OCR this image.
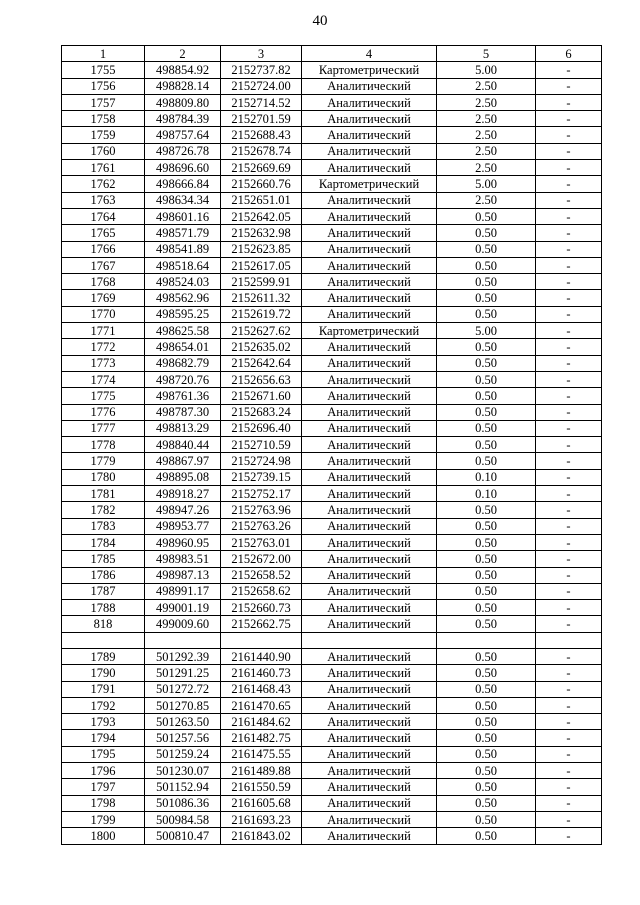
40
1	2	3	4	5	6
1755	498854.92	2152737.82	Картометрический	5.00	-
1756	498828.14	2152724.00	Аналитический	2.50	-
1757	498809.80	2152714.52	Аналитический	2.50	-
1758	498784.39	2152701.59	Аналитический	2.50	-
1759	498757.64	2152688.43	Аналитический	2.50	-
1760	498726.78	2152678.74	Аналитический	2.50	-
1761	498696.60	2152669.69	Аналитический	2.50	-
1762	498666.84	2152660.76	Картометрический	5.00	-
1763	498634.34	2152651.01	Аналитический	2.50	-
1764	498601.16	2152642.05	Аналитический	0.50	-
1765	498571.79	2152632.98	Аналитический	0.50	-
1766	498541.89	2152623.85	Аналитический	0.50	-
1767	498518.64	2152617.05	Аналитический	0.50	-
1768	498524.03	2152599.91	Аналитический	0.50	-
1769	498562.96	2152611.32	Аналитический	0.50	-
1770	498595.25	2152619.72	Аналитический	0.50	-
1771	498625.58	2152627.62	Картометрический	5.00	-
1772	498654.01	2152635.02	Аналитический	0.50	-
1773	498682.79	2152642.64	Аналитический	0.50	-
1774	498720.76	2152656.63	Аналитический	0.50	-
1775	498761.36	2152671.60	Аналитический	0.50	-
1776	498787.30	2152683.24	Аналитический	0.50	-
1777	498813.29	2152696.40	Аналитический	0.50	-
1778	498840.44	2152710.59	Аналитический	0.50	-
1779	498867.97	2152724.98	Аналитический	0.50	-
1780	498895.08	2152739.15	Аналитический	0.10	-
1781	498918.27	2152752.17	Аналитический	0.10	-
1782	498947.26	2152763.96	Аналитический	0.50	-
1783	498953.77	2152763.26	Аналитический	0.50	-
1784	498960.95	2152763.01	Аналитический	0.50	-
1785	498983.51	2152672.00	Аналитический	0.50	-
1786	498987.13	2152658.52	Аналитический	0.50	-
1787	498991.17	2152658.62	Аналитический	0.50	-
1788	499001.19	2152660.73	Аналитический	0.50	-
818	499009.60	2152662.75	Аналитический	0.50	-

1789	501292.39	2161440.90	Аналитический	0.50	-
1790	501291.25	2161460.73	Аналитический	0.50	-
1791	501272.72	2161468.43	Аналитический	0.50	-
1792	501270.85	2161470.65	Аналитический	0.50	-
1793	501263.50	2161484.62	Аналитический	0.50	-
1794	501257.56	2161482.75	Аналитический	0.50	-
1795	501259.24	2161475.55	Аналитический	0.50	-
1796	501230.07	2161489.88	Аналитический	0.50	-
1797	501152.94	2161550.59	Аналитический	0.50	-
1798	501086.36	2161605.68	Аналитический	0.50	-
1799	500984.58	2161693.23	Аналитический	0.50	-
1800	500810.47	2161843.02	Аналитический	0.50	-
